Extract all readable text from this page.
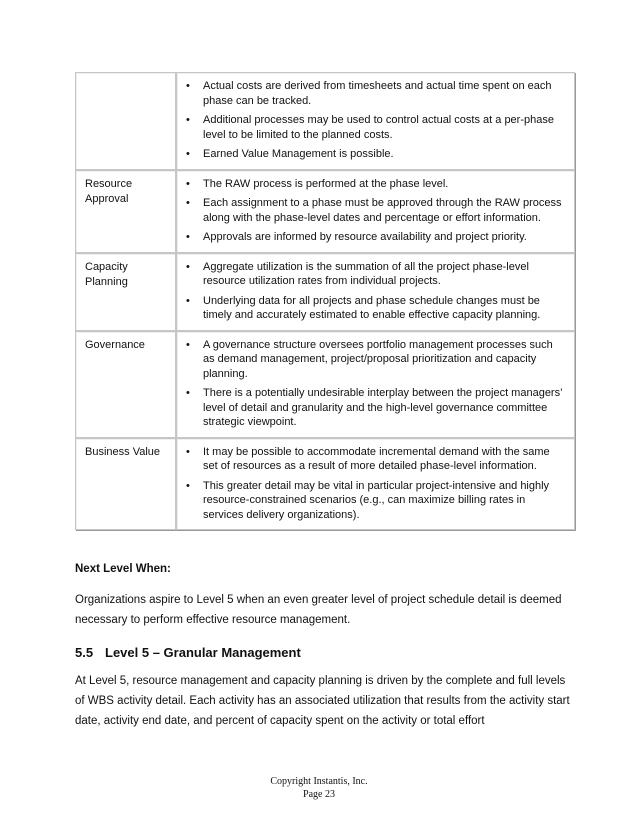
• Actual costs are derived from timesheets and actual time spent on each phase can be tracked.
• Additional processes may be used to control actual costs at a per-phase level to be limited to the planned costs.
• Earned Value Management is possible.
Resource Approval
• The RAW process is performed at the phase level.
• Each assignment to a phase must be approved through the RAW process along with the phase-level dates and percentage or effort information.
• Approvals are informed by resource availability and project priority.
Capacity Planning
• Aggregate utilization is the summation of all the project phase-level resource utilization rates from individual projects.
• Underlying data for all projects and phase schedule changes must be timely and accurately estimated to enable effective capacity planning.
Governance	• A governance structure oversees portfolio management processes such as demand management, project/proposal prioritization and capacity planning.
• There is a potentially undesirable interplay between the project managers’ level of detail and granularity and the high-level governance committee strategic viewpoint.
Business Value	• It may be possible to accommodate incremental demand with the same set of resources as a result of more detailed phase-level information.
• This greater detail may be vital in particular project-intensive and highly resource-constrained scenarios (e.g., can maximize billing rates in services delivery organizations).
Next Level When:
Organizations aspire to Level 5 when an even greater level of project schedule detail is deemed necessary to perform effective resource management.
5.5 Level 5 – Granular Management
At Level 5, resource management and capacity planning is driven by the complete and full levels of WBS activity detail. Each activity has an associated utilization that results from the activity start date, activity end date, and percent of capacity spent on the activity or total effort
Copyright Instantis, Inc.
Page 23
